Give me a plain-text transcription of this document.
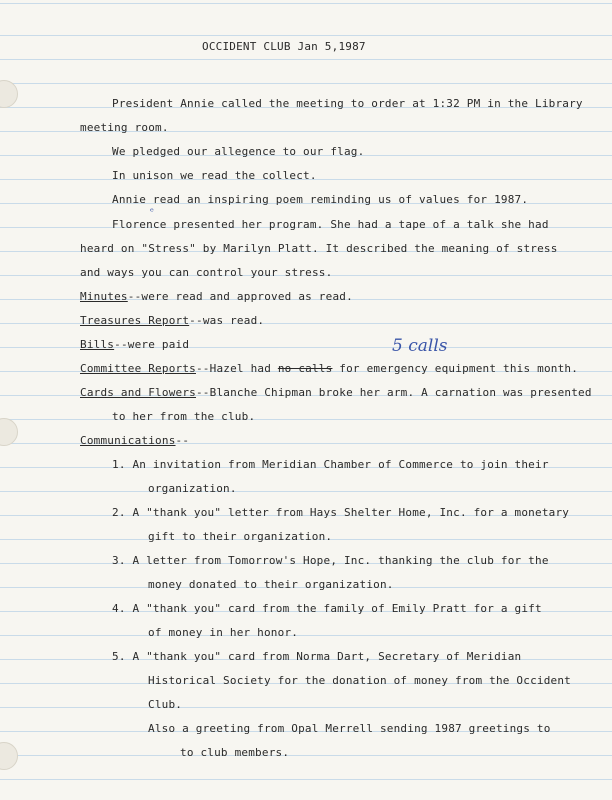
OCCIDENT CLUB Jan 5,1987
President Annie called the meeting to order at 1:32 PM in the Library
meeting room.
We pledged our allegence to our flag.
In unison we read the collect.
Annie read an inspiring poem reminding us of values for 1987.
ᵉ
Florence presented her program. She had a tape of a talk she had
heard on "Stress" by Marilyn Platt. It described the meaning of stress
and ways you can control your stress.
Minutes--were read and approved as read.
Treasures Report--was read.
Bills--were paid	5 calls
Committee Reports--Hazel had no calls for emergency equipment this month.
Cards and Flowers--Blanche Chipman broke her arm. A carnation was presented
to her from the club.
Communications--
1. An invitation from Meridian Chamber of Commerce to join their
organization.
2. A "thank you" letter from Hays Shelter Home, Inc. for a monetary
gift to their organization.
3. A letter from Tomorrow's Hope, Inc. thanking the club for the
money donated to their organization.
4. A "thank you" card from the family of Emily Pratt for a gift
of money in her honor.
5. A "thank you" card from Norma Dart, Secretary of Meridian
Historical Society for the donation of money from the Occident
Club.
Also a greeting from Opal Merrell sending 1987 greetings to
to club members.
